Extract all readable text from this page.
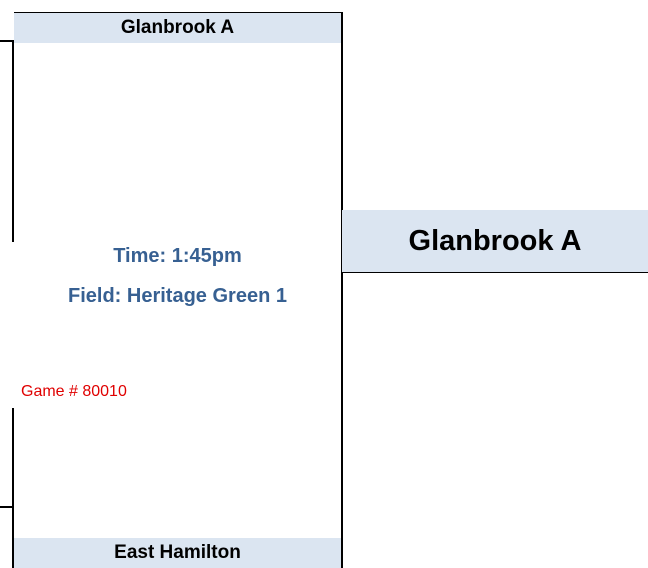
Glanbrook A
Glanbrook A
East Hamilton
Time: 1:45pm
Field: Heritage Green 1
Game # 80010
